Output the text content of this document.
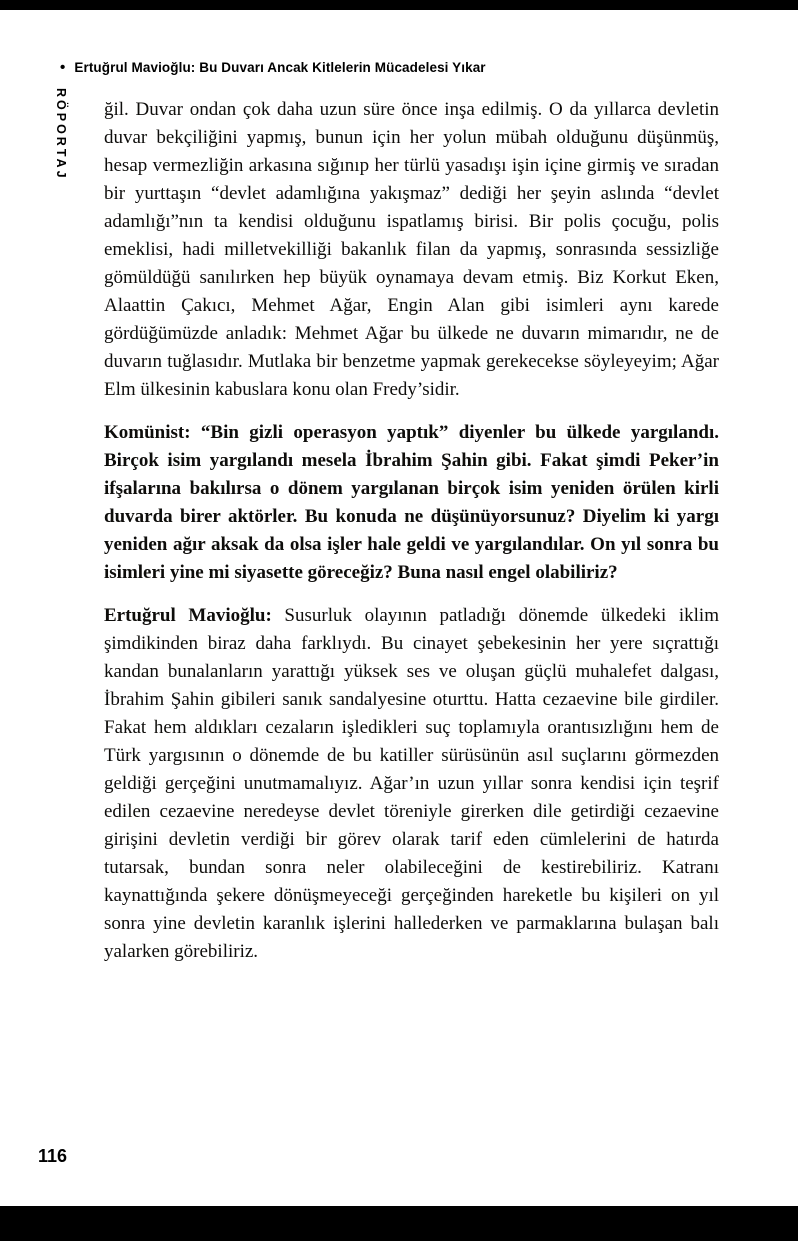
• Ertuğrul Mavioğlu: Bu Duvarı Ancak Kitlelerin Mücadelesi Yıkar
RÖPORTAJ ğil. Duvar ondan çok daha uzun süre önce inşa edilmiş. O da yıllarca devletin duvar bekçiliğini yapmış, bunun için her yolun mübah olduğunu düşünmüş, hesap vermezliğin arkasına sığınıp her türlü yasadışı işin içine girmiş ve sıradan bir yurttaşın “devlet adamlığına yakışmaz” dediği her şeyin aslında “devlet adamlığı”nın ta kendisi olduğunu ispatlamış birisi. Bir polis çocuğu, polis emeklisi, hadi milletvekilliği bakanlık filan da yapmış, sonrasında sessizliğe gömüldüğü sanılırken hep büyük oynamaya devam etmiş. Biz Korkut Eken, Alaattin Çakıcı, Mehmet Ağar, Engin Alan gibi isimleri aynı karede gördüğümüzde anladık: Mehmet Ağar bu ülkede ne duvarın mimarıdır, ne de duvarın tuğlasıdır. Mutlaka bir benzetme yapmak gerekecekse söyleyeyim; Ağar Elm ülkesinin kabuslara konu olan Fredy’sidir.

Komünist: “Bin gizli operasyon yaptık” diyenler bu ülkede yargılandı. Birçok isim yargılandı mesela İbrahim Şahin gibi. Fakat şimdi Peker’in ifşalarına bakılırsa o dönem yargılanan birçok isim yeniden örülen kirli duvarda birer aktörler. Bu konuda ne düşünüyorsunuz? Diyelim ki yargı yeniden ağır aksak da olsa işler hale geldi ve yargılandılar. On yıl sonra bu isimleri yine mi siyasette göreceğiz? Buna nasıl engel olabiliriz?

Ertuğrul Mavioğlu: Susurluk olayının patladığı dönemde ülkedeki iklim şimdikinden biraz daha farklıydı. Bu cinayet şebekesinin her yere sıçrattığı kandan bunalanların yarattığı yüksek ses ve oluşan güçlü muhalefet dalgası, İbrahim Şahin gibileri sanık sandalyesine oturttu. Hatta cezaevine bile girdiler. Fakat hem aldıkları cezaların işledikleri suç toplamıyla orantısızlığını hem de Türk yargısının o dönemde de bu katiller sürüsünün asıl suçlarını görmezden geldiği gerçeğini unutmamalıyız. Ağar’ın uzun yıllar sonra kendisi için teşrif edilen cezaevine neredeyse devlet töreniyle girerken dile getirdiği cezaevine girişini devletin verdiği bir görev olarak tarif eden cümlelerini de hatırda tutarsak, bundan sonra neler olabileceğini de kestirebiliriz. Katranı kaynattığında şekere dönüşmeyeceği gerçeğinden hareketle bu kişileri on yıl sonra yine devletin karanlık işlerini hallederken ve parmaklarına bulaşan balı yalarken görebiliriz.

116
